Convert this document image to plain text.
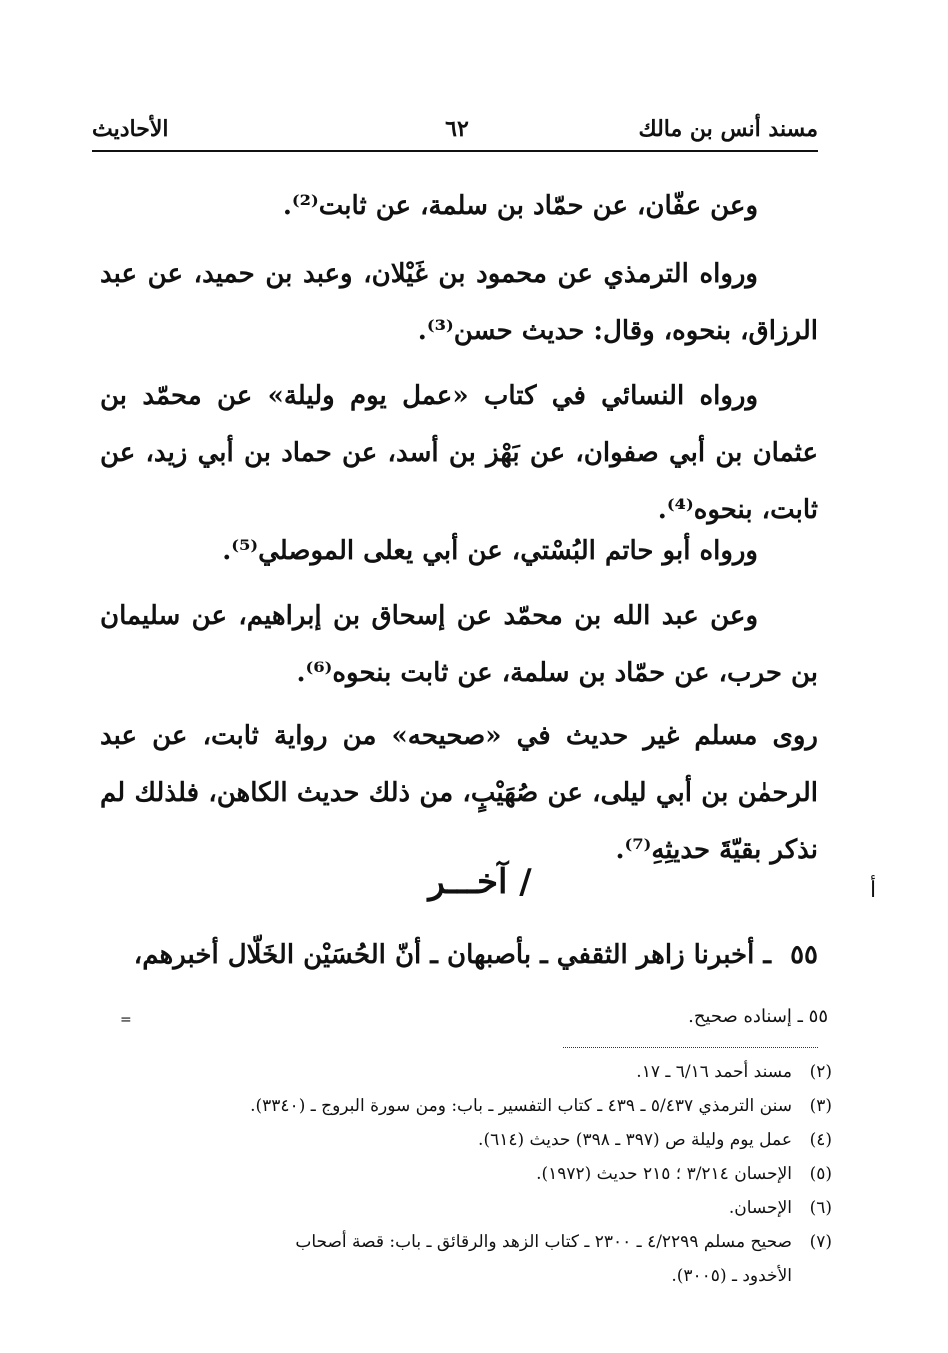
مسند أنس بن مالك
٦٢
الأحاديث
وعن عفّان، عن حمّاد بن سلمة، عن ثابت⁽²⁾.
ورواه الترمذي عن محمود بن غَيْلان، وعبد بن حميد، عن عبد الرزاق، بنحوه، وقال: حديث حسن⁽³⁾.
ورواه النسائي في كتاب «عمل يوم وليلة» عن محمّد بن عثمان بن أبي صفوان، عن بَهْز بن أسد، عن حماد بن أبي زيد، عن ثابت، بنحوه⁽⁴⁾.
ورواه أبو حاتم البُسْتي، عن أبي يعلى الموصلي⁽⁵⁾.
وعن عبد الله بن محمّد عن إسحاق بن إبراهيم، عن سليمان بن حرب، عن حمّاد بن سلمة، عن ثابت بنحوه⁽⁶⁾.
روى مسلم غير حديث في «صحيحه» من رواية ثابت، عن عبد الرحمٰن بن أبي ليلى، عن صُهَيْبٍ، من ذلك حديث الكاهن، فلذلك لم نذكر بقيّةَ حديثِهِ⁽⁷⁾.
/ آخـــر	أ
٥٥ ـ أخبرنا زاهر الثقفي ـ بأصبهان ـ أنّ الحُسَيْن الخَلّال أخبرهم،
٥٥ ـ إسناده صحيح.
=
(٢)
مسند أحمد ٦/١٦ ـ ١٧.
(٣)
سنن الترمذي ٥/٤٣٧ ـ ٤٣٩ ـ كتاب التفسير ـ باب: ومن سورة البروج ـ (٣٣٤٠).
(٤)
عمل يوم وليلة ص (٣٩٧ ـ ٣٩٨) حديث (٦١٤).
(٥)
الإحسان ٣/٢١٤ ؛ ٢١٥ حديث (١٩٧٢).
(٦)
الإحسان.
(٧)
صحيح مسلم ٤/٢٢٩٩ ـ ٢٣٠٠ ـ كتاب الزهد والرقائق ـ باب: قصة أصحاب
الأخدود ـ (٣٠٠٥).
